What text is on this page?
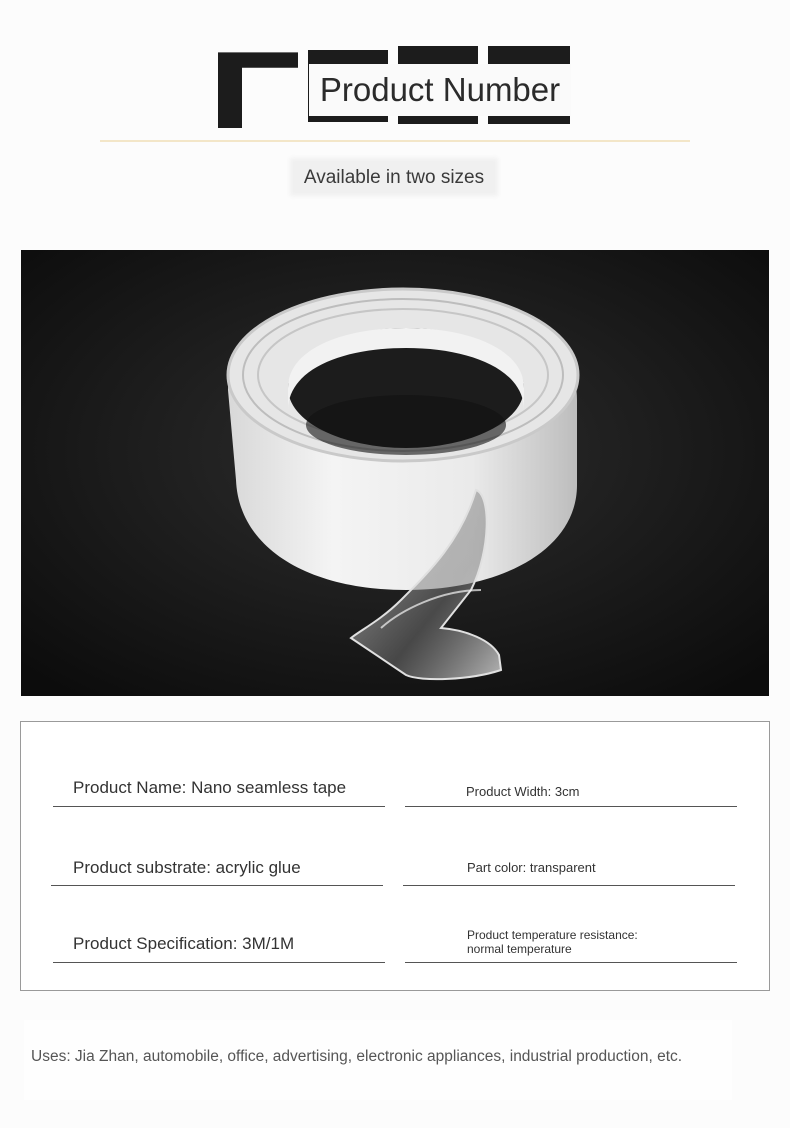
Product Number
Available in two sizes
Product Name: Nano seamless tape	Product Width: 3cm
Product substrate: acrylic glue	Part color: transparent
Product Specification: 3M/1M	Product temperature resistance:
normal temperature
Uses: Jia Zhan, automobile, office, advertising, electronic appliances, industrial production, etc.
